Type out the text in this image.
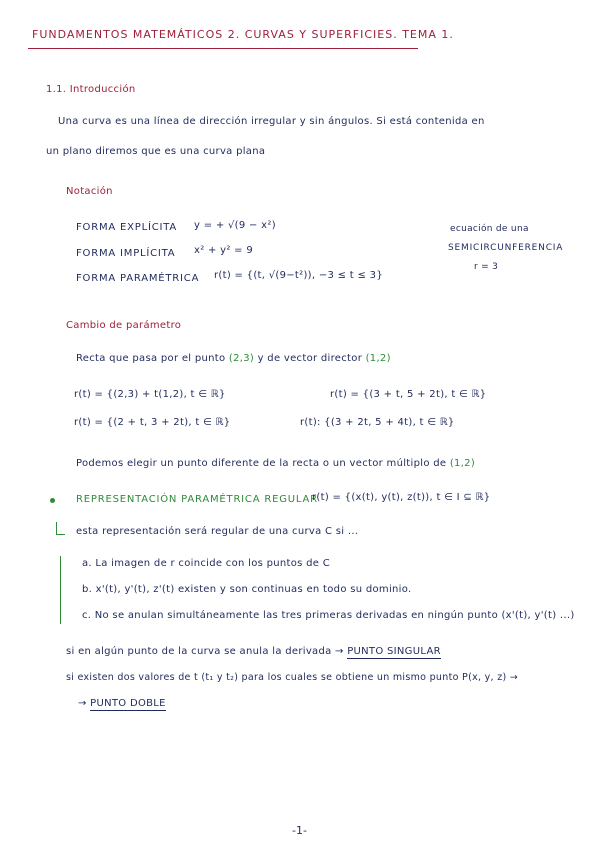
FUNDAMENTOS MATEMÁTICOS 2. CURVAS Y SUPERFICIES. TEMA 1.
1.1. Introducción
Una curva es una línea de dirección irregular y sin ángulos. Si está contenida en
un plano diremos que es una curva plana
Notación
FORMA EXPLÍCITA y = + √(9 − x²)
FORMA IMPLÍCITA x² + y² = 9
FORMA PARAMÉTRICA r(t) = {(t, √(9−t²)), −3 ≤ t ≤ 3}
ecuación de una
SEMICIRCUNFERENCIA
r = 3
Cambio de parámetro
Recta que pasa por el punto (2,3) y de vector director (1,2)
r(t) = {(2,3) + t(1,2), t ∈ ℝ}	r(t) = {(3 + t, 5 + 2t), t ∈ ℝ}
r(t) = {(2 + t, 3 + 2t), t ∈ ℝ}	r(t): {(3 + 2t, 5 + 4t), t ∈ ℝ}
Podemos elegir un punto diferente de la recta o un vector múltiplo de (1,2)
REPRESENTACIÓN PARAMÉTRICA REGULAR
r(t) = {(x(t), y(t), z(t)), t ∈ I ⊆ ℝ}
esta representación será regular de una curva C si ...
a. La imagen de r coincide con los puntos de C
b. x'(t), y'(t), z'(t) existen y son continuas en todo su dominio.
c. No se anulan simultáneamente las tres primeras derivadas en ningún punto (x'(t), y'(t) ...)
si en algún punto de la curva se anula la derivada → PUNTO SINGULAR
si existen dos valores de t (t₁ y t₂) para los cuales se obtiene un mismo punto P(x, y, z) →
→ PUNTO DOBLE
-1-
